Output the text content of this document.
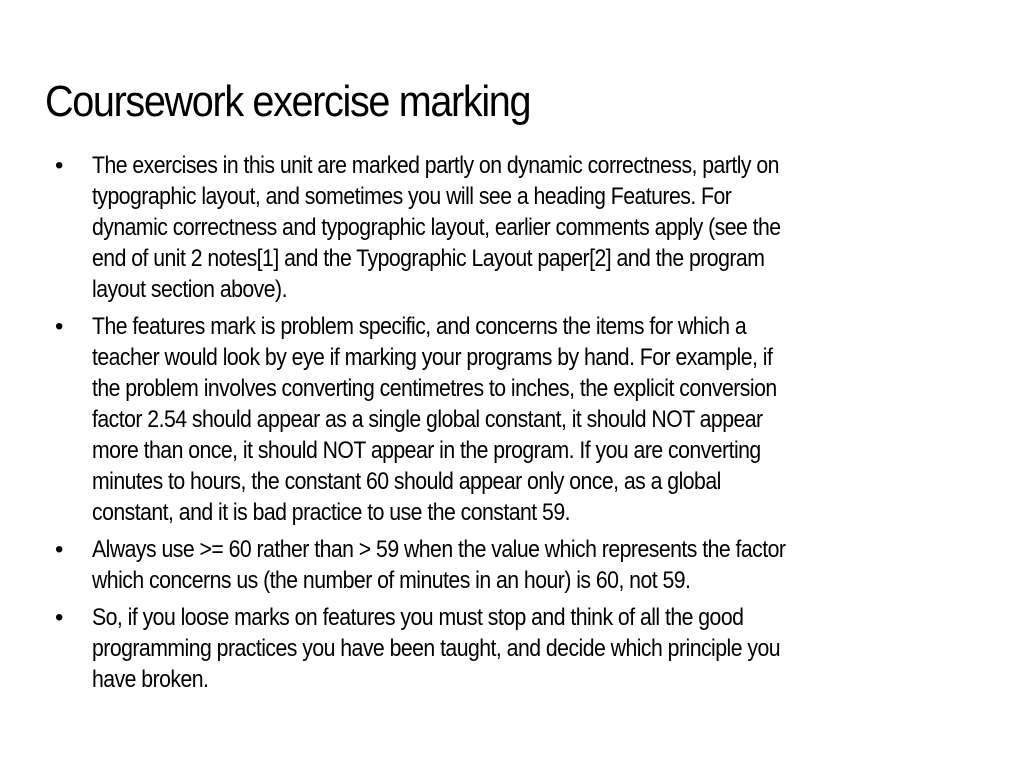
Coursework exercise marking
• The exercises in this unit are marked partly on dynamic correctness, partly on
typographic layout, and sometimes you will see a heading Features. For
dynamic correctness and typographic layout, earlier comments apply (see the
end of unit 2 notes[1] and the Typographic Layout paper[2] and the program
layout section above).
• The features mark is problem specific, and concerns the items for which a
teacher would look by eye if marking your programs by hand. For example, if
the problem involves converting centimetres to inches, the explicit conversion
factor 2.54 should appear as a single global constant, it should NOT appear
more than once, it should NOT appear in the program. If you are converting
minutes to hours, the constant 60 should appear only once, as a global
constant, and it is bad practice to use the constant 59.
• Always use >= 60 rather than > 59 when the value which represents the factor
which concerns us (the number of minutes in an hour) is 60, not 59.
• So, if you loose marks on features you must stop and think of all the good
programming practices you have been taught, and decide which principle you
have broken.
